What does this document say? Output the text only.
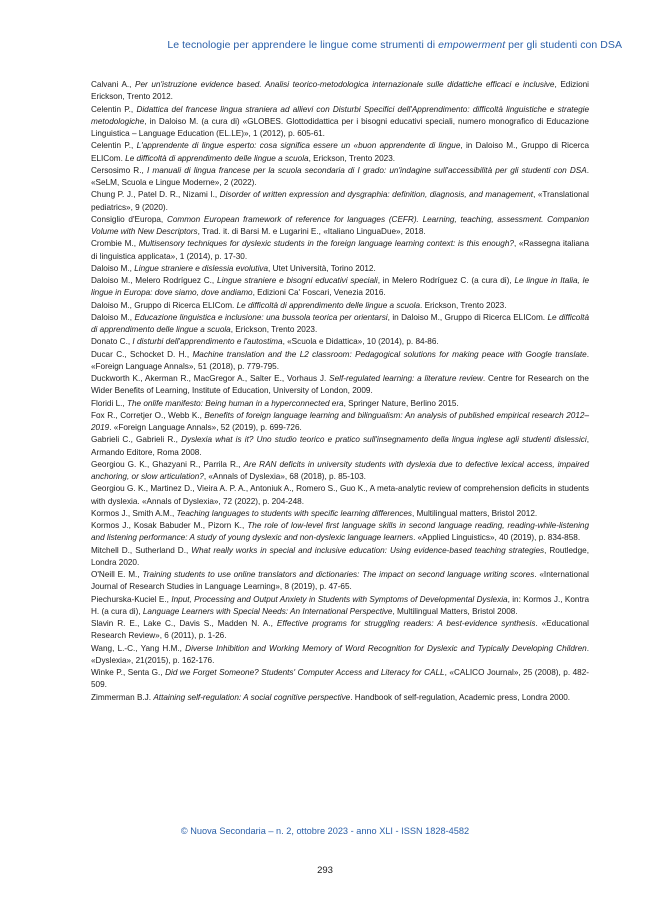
Le tecnologie per apprendere le lingue come strumenti di empowerment per gli studenti con DSA

Calvani A., Per un'istruzione evidence based. Analisi teorico-metodologica internazionale sulle didattiche efficaci e inclusive, Edizioni Erickson, Trento 2012.

Celentin P., Didattica del francese lingua straniera ad allievi con Disturbi Specifici dell'Apprendimento: difficoltà linguistiche e strategie metodologiche, in Daloiso M. (a cura di) «GLOBES. Glottodidattica per i bisogni educativi speciali, numero monografico di Educazione Linguistica – Language Education (EL.LE)», 1 (2012), p. 605-61.

Celentin P., L'apprendente di lingue esperto: cosa significa essere un «buon apprendente di lingue, in Daloiso M., Gruppo di Ricerca ELICom. Le difficoltà di apprendimento delle lingue a scuola, Erickson, Trento 2023.

Cersosimo R., I manuali di lingua francese per la scuola secondaria di I grado: un'indagine sull'accessibilità per gli studenti con DSA. «SeLM, Scuola e Lingue Moderne», 2 (2022).

Chung P. J., Patel D. R., Nizami I., Disorder of written expression and dysgraphia: definition, diagnosis, and management, «Translational pediatrics», 9 (2020).

Consiglio d'Europa, Common European framework of reference for languages (CEFR). Learning, teaching, assessment. Companion Volume with New Descriptors, Trad. it. di Barsi M. e Lugarini E., «Italiano LinguaDue», 2018.

Crombie M., Multisensory techniques for dyslexic students in the foreign language learning context: is this enough?, «Rassegna italiana di linguistica applicata», 1 (2014), p. 17-30.

Daloiso M., Lingue straniere e dislessia evolutiva, Utet Università, Torino 2012.

Daloiso M., Melero Rodríguez C., Lingue straniere e bisogni educativi speciali, in Melero Rodríguez C. (a cura di), Le lingue in Italia, le lingue in Europa: dove siamo, dove andiamo, Edizioni Ca' Foscari, Venezia 2016.

Daloiso M., Gruppo di Ricerca ELICom. Le difficoltà di apprendimento delle lingue a scuola. Erickson, Trento 2023.

Daloiso M., Educazione linguistica e inclusione: una bussola teorica per orientarsi, in Daloiso M., Gruppo di Ricerca ELICom. Le difficoltà di apprendimento delle lingue a scuola, Erickson, Trento 2023.

Donato C., I disturbi dell'apprendimento e l'autostima, «Scuola e Didattica», 10 (2014), p. 84-86.

Ducar C., Schocket D. H., Machine translation and the L2 classroom: Pedagogical solutions for making peace with Google translate. «Foreign Language Annals», 51 (2018), p. 779-795.

Duckworth K., Akerman R., MacGregor A., Salter E., Vorhaus J. Self-regulated learning: a literature review. Centre for Research on the Wider Benefits of Learning, Institute of Education, University of London, 2009.

Floridi L., The onlife manifesto: Being human in a hyperconnected era, Springer Nature, Berlino 2015.

Fox R., Corretjer O., Webb K., Benefits of foreign language learning and bilingualism: An analysis of published empirical research 2012–2019. «Foreign Language Annals», 52 (2019), p. 699-726.

Gabrieli C., Gabrieli R., Dyslexia what is it? Uno studio teorico e pratico sull'insegnamento della lingua inglese agli studenti dislessici, Armando Editore, Roma 2008.

Georgiou G. K., Ghazyani R., Parrila R., Are RAN deficits in university students with dyslexia due to defective lexical access, impaired anchoring, or slow articulation?, «Annals of Dyslexia», 68 (2018), p. 85-103.

Georgiou G. K., Martinez D., Vieira A. P. A., Antoniuk A., Romero S., Guo K., A meta-analytic review of comprehension deficits in students with dyslexia. «Annals of Dyslexia», 72 (2022), p. 204-248.

Kormos J., Smith A.M., Teaching languages to students with specific learning differences, Multilingual matters, Bristol 2012.

Kormos J., Kosak Babuder M., Pizorn K., The role of low-level first language skills in second language reading, reading-while-listening and listening performance: A study of young dyslexic and non-dyslexic language learners. «Applied Linguistics», 40 (2019), p. 834-858.

Mitchell D., Sutherland D., What really works in special and inclusive education: Using evidence-based teaching strategies, Routledge, Londra 2020.

O'Neill E. M., Training students to use online translators and dictionaries: The impact on second language writing scores. «International Journal of Research Studies in Language Learning», 8 (2019), p. 47-65.

Piechurska-Kuciel E., Input, Processing and Output Anxiety in Students with Symptoms of Developmental Dyslexia, in: Kormos J., Kontra H. (a cura di), Language Learners with Special Needs: An International Perspective, Multilingual Matters, Bristol 2008.

Slavin R. E., Lake C., Davis S., Madden N. A., Effective programs for struggling readers: A best-evidence synthesis. «Educational Research Review», 6 (2011), p. 1-26.

Wang, L.-C., Yang H.M., Diverse Inhibition and Working Memory of Word Recognition for Dyslexic and Typically Developing Children. «Dyslexia», 21(2015), p. 162-176.

Winke P., Senta G., Did we Forget Someone? Students' Computer Access and Literacy for CALL, «CALICO Journal», 25 (2008), p. 482-509.

Zimmerman B.J. Attaining self-regulation: A social cognitive perspective. Handbook of self-regulation, Academic press, Londra 2000.

© Nuova Secondaria – n. 2, ottobre 2023 - anno XLI - ISSN 1828-4582
293
